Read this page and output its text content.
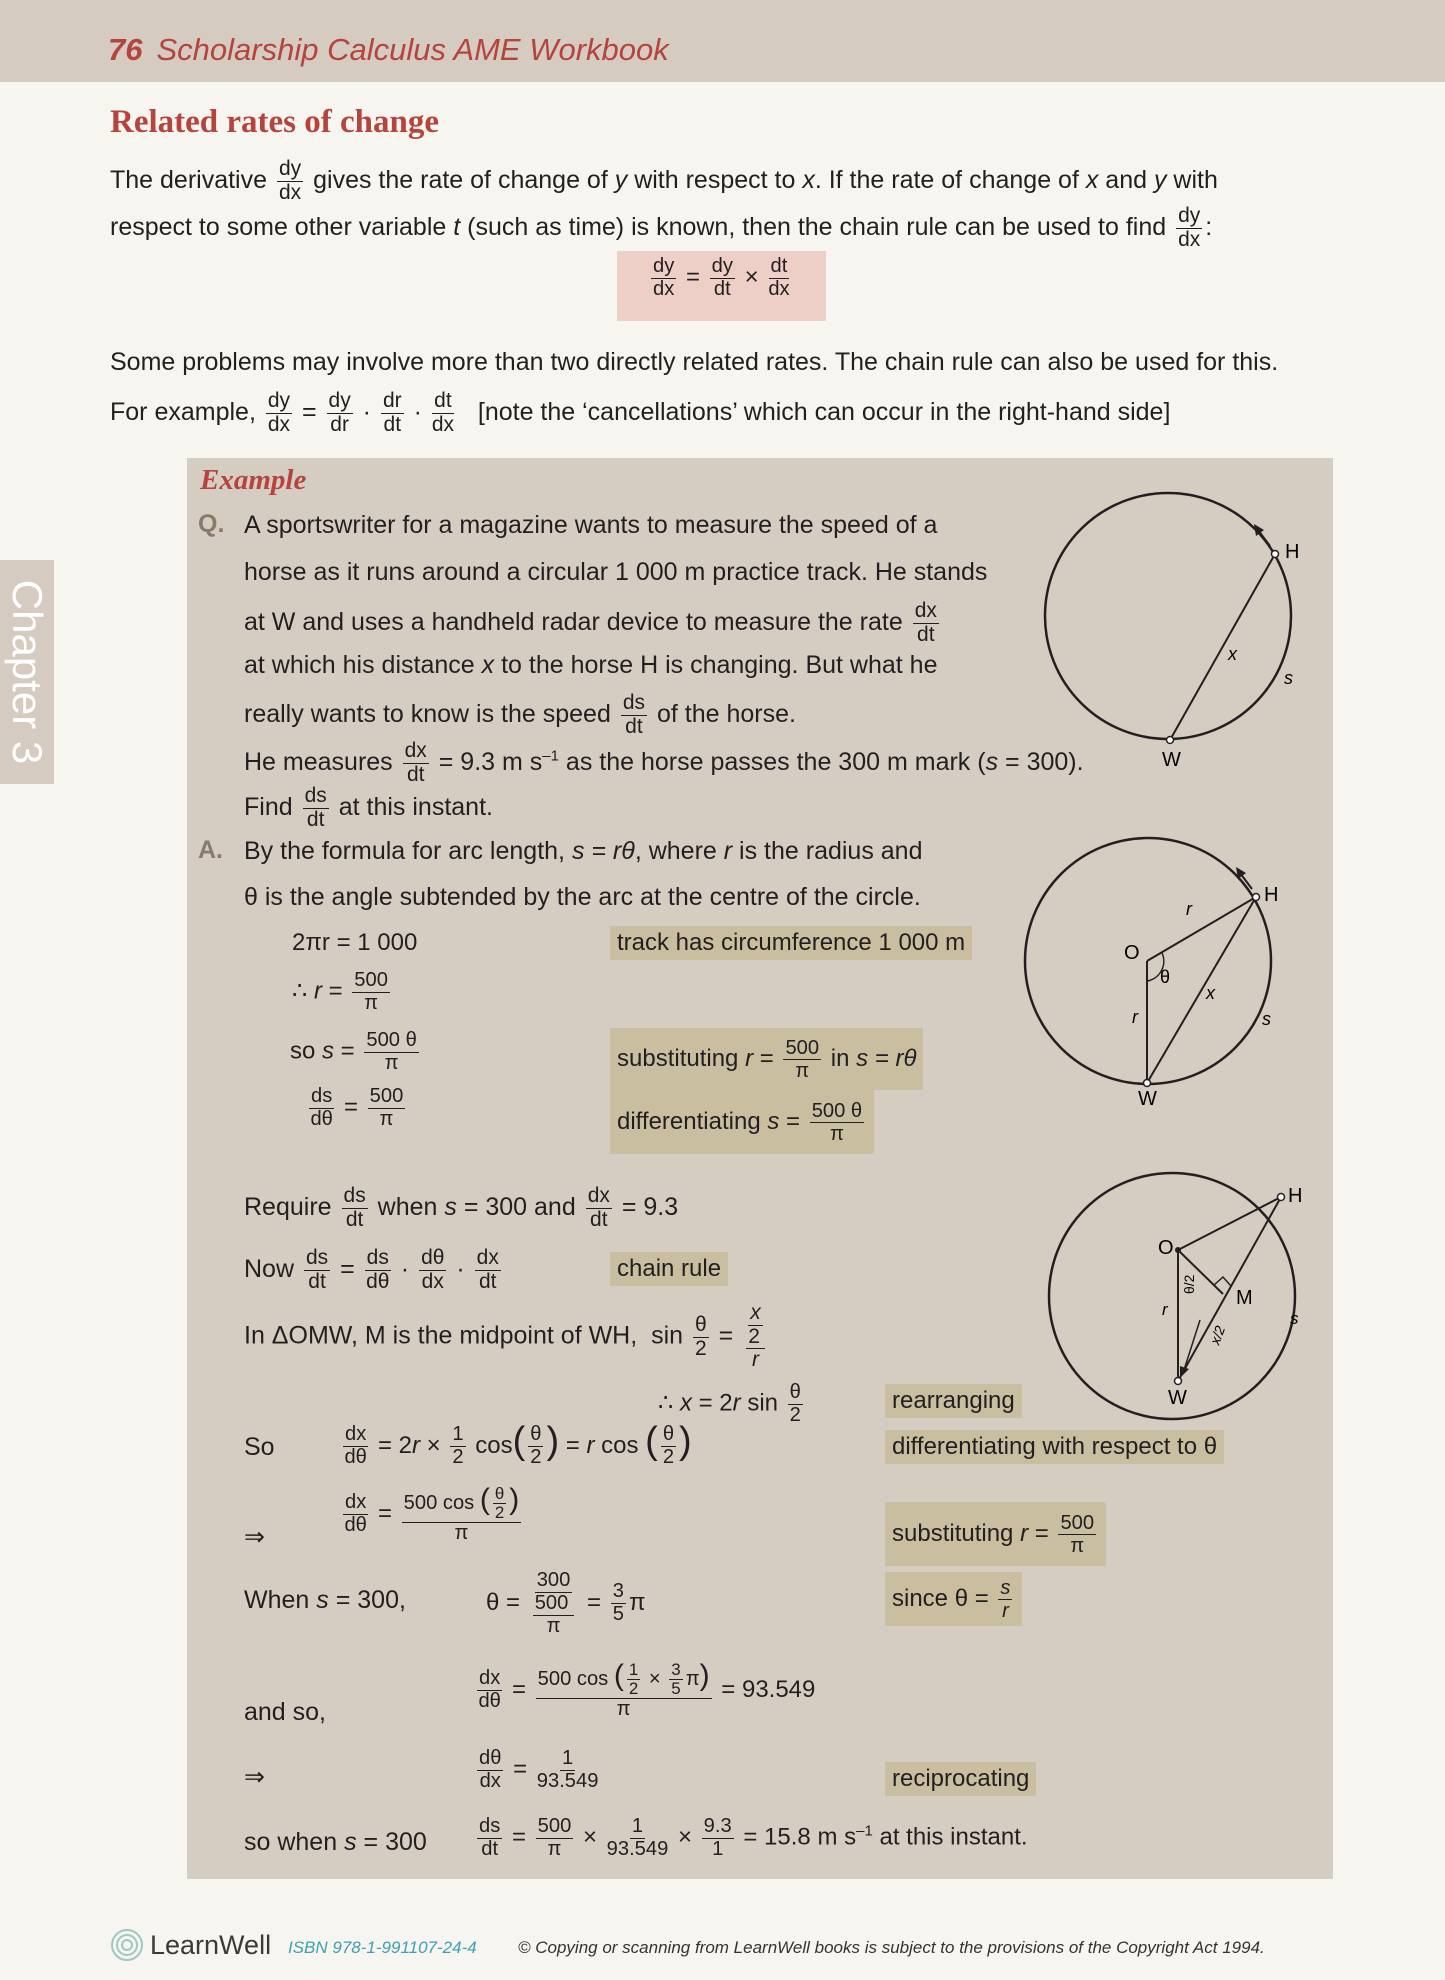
76 Scholarship Calculus AME Workbook
Chapter 3
Related rates of change
The derivative $\frac{dy}{dx}$ gives the rate of change of y with respect to x. If the rate of change of x and y with
respect to some other variable t (such as time) is known, then the chain rule can be used to find $\frac{dy}{dx}$ :
$\frac{dy}{dx} = \frac{dy}{dt} \times \frac{dt}{dx}$
Some problems may involve more than two directly related rates. The chain rule can also be used for this.
For example, $\frac{dy}{dx} = \frac{dy}{dr} \cdot \frac{dr}{dt} \cdot \frac{dt}{dx}$ [note the ‘cancellations’ which can occur in the right-hand side]
Example
Q. A sportswriter for a magazine wants to measure the speed of a
horse as it runs around a circular 1 000 m practice track. He stands
at W and uses a handheld radar device to measure the rate $\frac{dx}{dt}$
at which his distance x to the horse H is changing. But what he
really wants to know is the speed $\frac{ds}{dt}$ of the horse.
He measures $\frac{dx}{dt} = 9.3$ m $s^{-1}$ as the horse passes the 300 m mark (s = 300).
Find $\frac{ds}{dt}$ at this instant.
A. By the formula for arc length, s = rθ, where r is the radius and
θ is the angle subtended by the arc at the centre of the circle.
2πr = 1 000	track has circumference 1 000 m
∴ $r = \frac{500}{\pi}$
so $s = \frac{500 \theta}{\pi}$	substituting $r = \frac{500}{\pi}$ in s = rθ
$\frac{ds}{d\theta} = \frac{500}{\pi}$	differentiating $s = \frac{500 \theta}{\pi}$
Require $\frac{ds}{dt}$ when s = 300 and $\frac{dx}{dt} = 9.3$
Now $\frac{ds}{dt} = \frac{ds}{d\theta} \cdot \frac{d\theta}{dx} \cdot \frac{dx}{dt}$	chain rule
In ΔOMW, M is the midpoint of WH, $\sin \frac{\theta}{2} = x$
2
r
∴ x = 2r $\sin \frac{\theta}{2}$	rearranging
So	$\frac{dx}{d\theta} = 2r \times \frac{1}{2} \cos( \frac{\theta}{2}$ ) = r cos ( $\frac{\theta}{2}$ )	differentiating with respect to θ
⇒
$\frac{dx}{d\theta} = \frac{500 \cos ( \frac{\theta}{2} )}{\pi}$	substituting $r = \frac{500}{\pi}$
When s = 300,	θ = 300
500
$\pi = \frac{3}{5}$ π	since $\theta = \frac{s}{r}$
and so,	$\frac{dx}{d\theta} = \frac{500 \cos ( \frac{1}{2} \times \frac{3}{5} \pi)}{\pi} = 93.549$
⇒	$\frac{d\theta}{dx} = \frac{1}{93.549}$	reciprocating
so when $s = 300 \frac{ds}{dt} = \frac{500}{\pi} \times \frac{1}{93.549} \times \frac{9.3}{1} = 15.8$ m $s^{-1}$ at this instant.
H
W
x
s
O
θ
r
r
x
s
H
W
O
H
M
W
r	s
θ/2
x/2
LearnWell ISBN 978-1-991107-24-4 © Copying or scanning from LearnWell books is subject to the provisions of the Copyright Act 1994.
